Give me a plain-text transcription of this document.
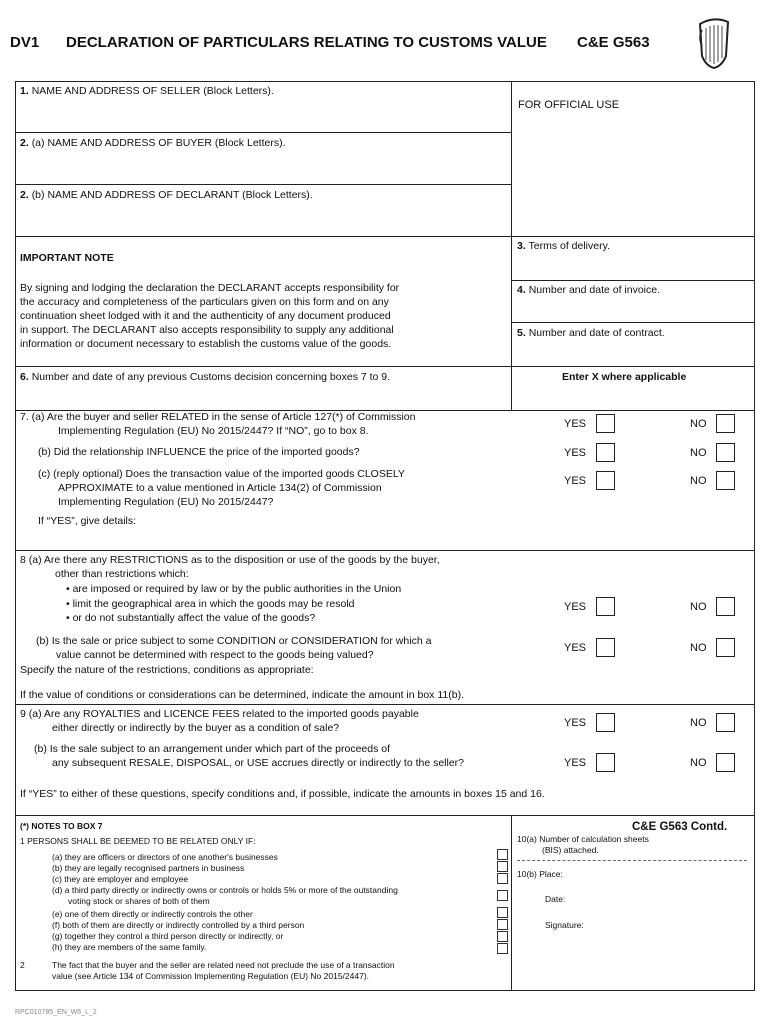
DV1 DECLARATION OF PARTICULARS RELATING TO CUSTOMS VALUE C&E G563
1. NAME AND ADDRESS OF SELLER (Block Letters).
2. (a) NAME AND ADDRESS OF BUYER (Block Letters).
2. (b) NAME AND ADDRESS OF DECLARANT (Block Letters).
FOR OFFICIAL USE
IMPORTANT NOTE
By signing and lodging the declaration the DECLARANT accepts responsibility for
the accuracy and completeness of the particulars given on this form and on any
continuation sheet lodged with it and the authenticity of any document produced
in support. The DECLARANT also accepts responsibility to supply any additional
information or document necessary to establish the customs value of the goods.
3. Terms of delivery.
4. Number and date of invoice.
5. Number and date of contract.
6. Number and date of any previous Customs decision concerning boxes 7 to 9.	Enter X where applicable
7. (a) Are the buyer and seller RELATED in the sense of Article 127(*) of Commission
Implementing Regulation (EU) No 2015/2447? If “NO”, go to box 8.
YES	NO
(b) Did the relationship INFLUENCE the price of the imported goods?	YES	NO
(c) (reply optional) Does the transaction value of the imported goods CLOSELY
APPROXIMATE to a value mentioned in Article 134(2) of Commission
Implementing Regulation (EU) No 2015/2447?
YES	NO
If “YES”, give details:
8 (a) Are there any RESTRICTIONS as to the disposition or use of the goods by the buyer,
other than restrictions which:
• are imposed or required by law or by the public authorities in the Union
• limit the geographical area in which the goods may be resold
• or do not substantially affect the value of the goods?
YES	NO
(b) Is the sale or price subject to some CONDITION or CONSIDERATION for which a
value cannot be determined with respect to the goods being valued?
YES	NO
Specify the nature of the restrictions, conditions as appropriate:
If the value of conditions or considerations can be determined, indicate the amount in box 11(b).
9 (a) Are any ROYALTIES and LICENCE FEES related to the imported goods payable
either directly or indirectly by the buyer as a condition of sale?	YES	NO
(b) Is the sale subject to an arrangement under which part of the proceeds of
any subsequent RESALE, DISPOSAL, or USE accrues directly or indirectly to the seller?	YES	NO
If “YES” to either of these questions, specify conditions and, if possible, indicate the amounts in boxes 15 and 16.
(*) NOTES TO BOX 7
1 PERSONS SHALL BE DEEMED TO BE RELATED ONLY IF:
(a) they are officers or directors of one another's businesses
(b) they are legally recognised partners in business
(c) they are employer and employee
(d) a third party directly or indirectly owns or controls or holds 5% or more of the outstanding
voting stock or shares of both of them
(e) one of them directly or indirectly controls the other
(f) both of them are directly or indirectly controlled by a third person
(g) together they control a third person directly or indirectly, or
(h) they are members of the same family.
2	The fact that the buyer and the seller are related need not preclude the use of a transaction
value (see Article 134 of Commission Implementing Regulation (EU) No 2015/2447).
C&E G563 Contd.
10(a) Number of calculation sheets
(BIS) attached.
10(b) Place:
Date:
Signature:
RPC010785_EN_W6_L_2
